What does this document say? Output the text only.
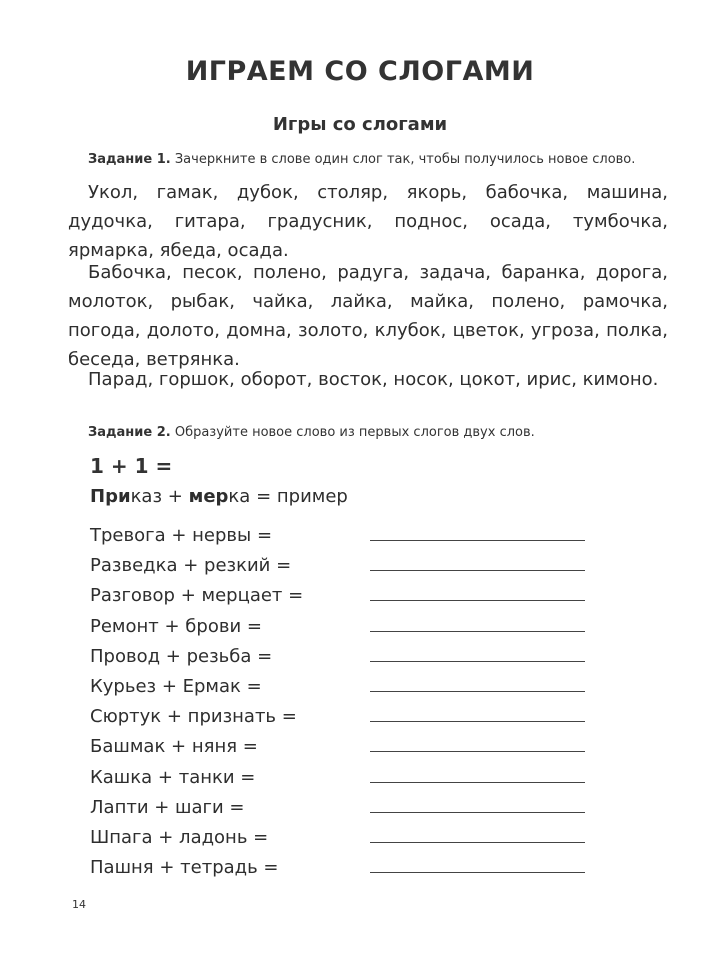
ИГРАЕМ СО СЛОГАМИ
Игры со слогами
Задание 1. Зачеркните в слове один слог так, чтобы получилось новое слово.
Укол, гамак, дубок, столяр, якорь, бабочка, машина, дудочка, гитара, градусник, поднос, осада, тумбочка, ярмарка, ябеда, осада.
Бабочка, песок, полено, радуга, задача, баранка, дорога, молоток, рыбак, чайка, лайка, майка, полено, рамочка, погода, долото, домна, золото, клубок, цветок, угроза, полка, беседа, ветрянка.
Парад, горшок, оборот, восток, носок, цокот, ирис, кимоно.
Задание 2. Образуйте новое слово из первых слогов двух слов.
1 + 1 =
Приказ + мерка = пример
Тревога + нервы =
Разведка + резкий =
Разговор + мерцает =
Ремонт + брови =
Провод + резьба =
Курьез + Ермак =
Сюртук + признать =
Башмак + няня =
Кашка + танки =
Лапти + шаги =
Шпага + ладонь =
Пашня + тетрадь =
14
